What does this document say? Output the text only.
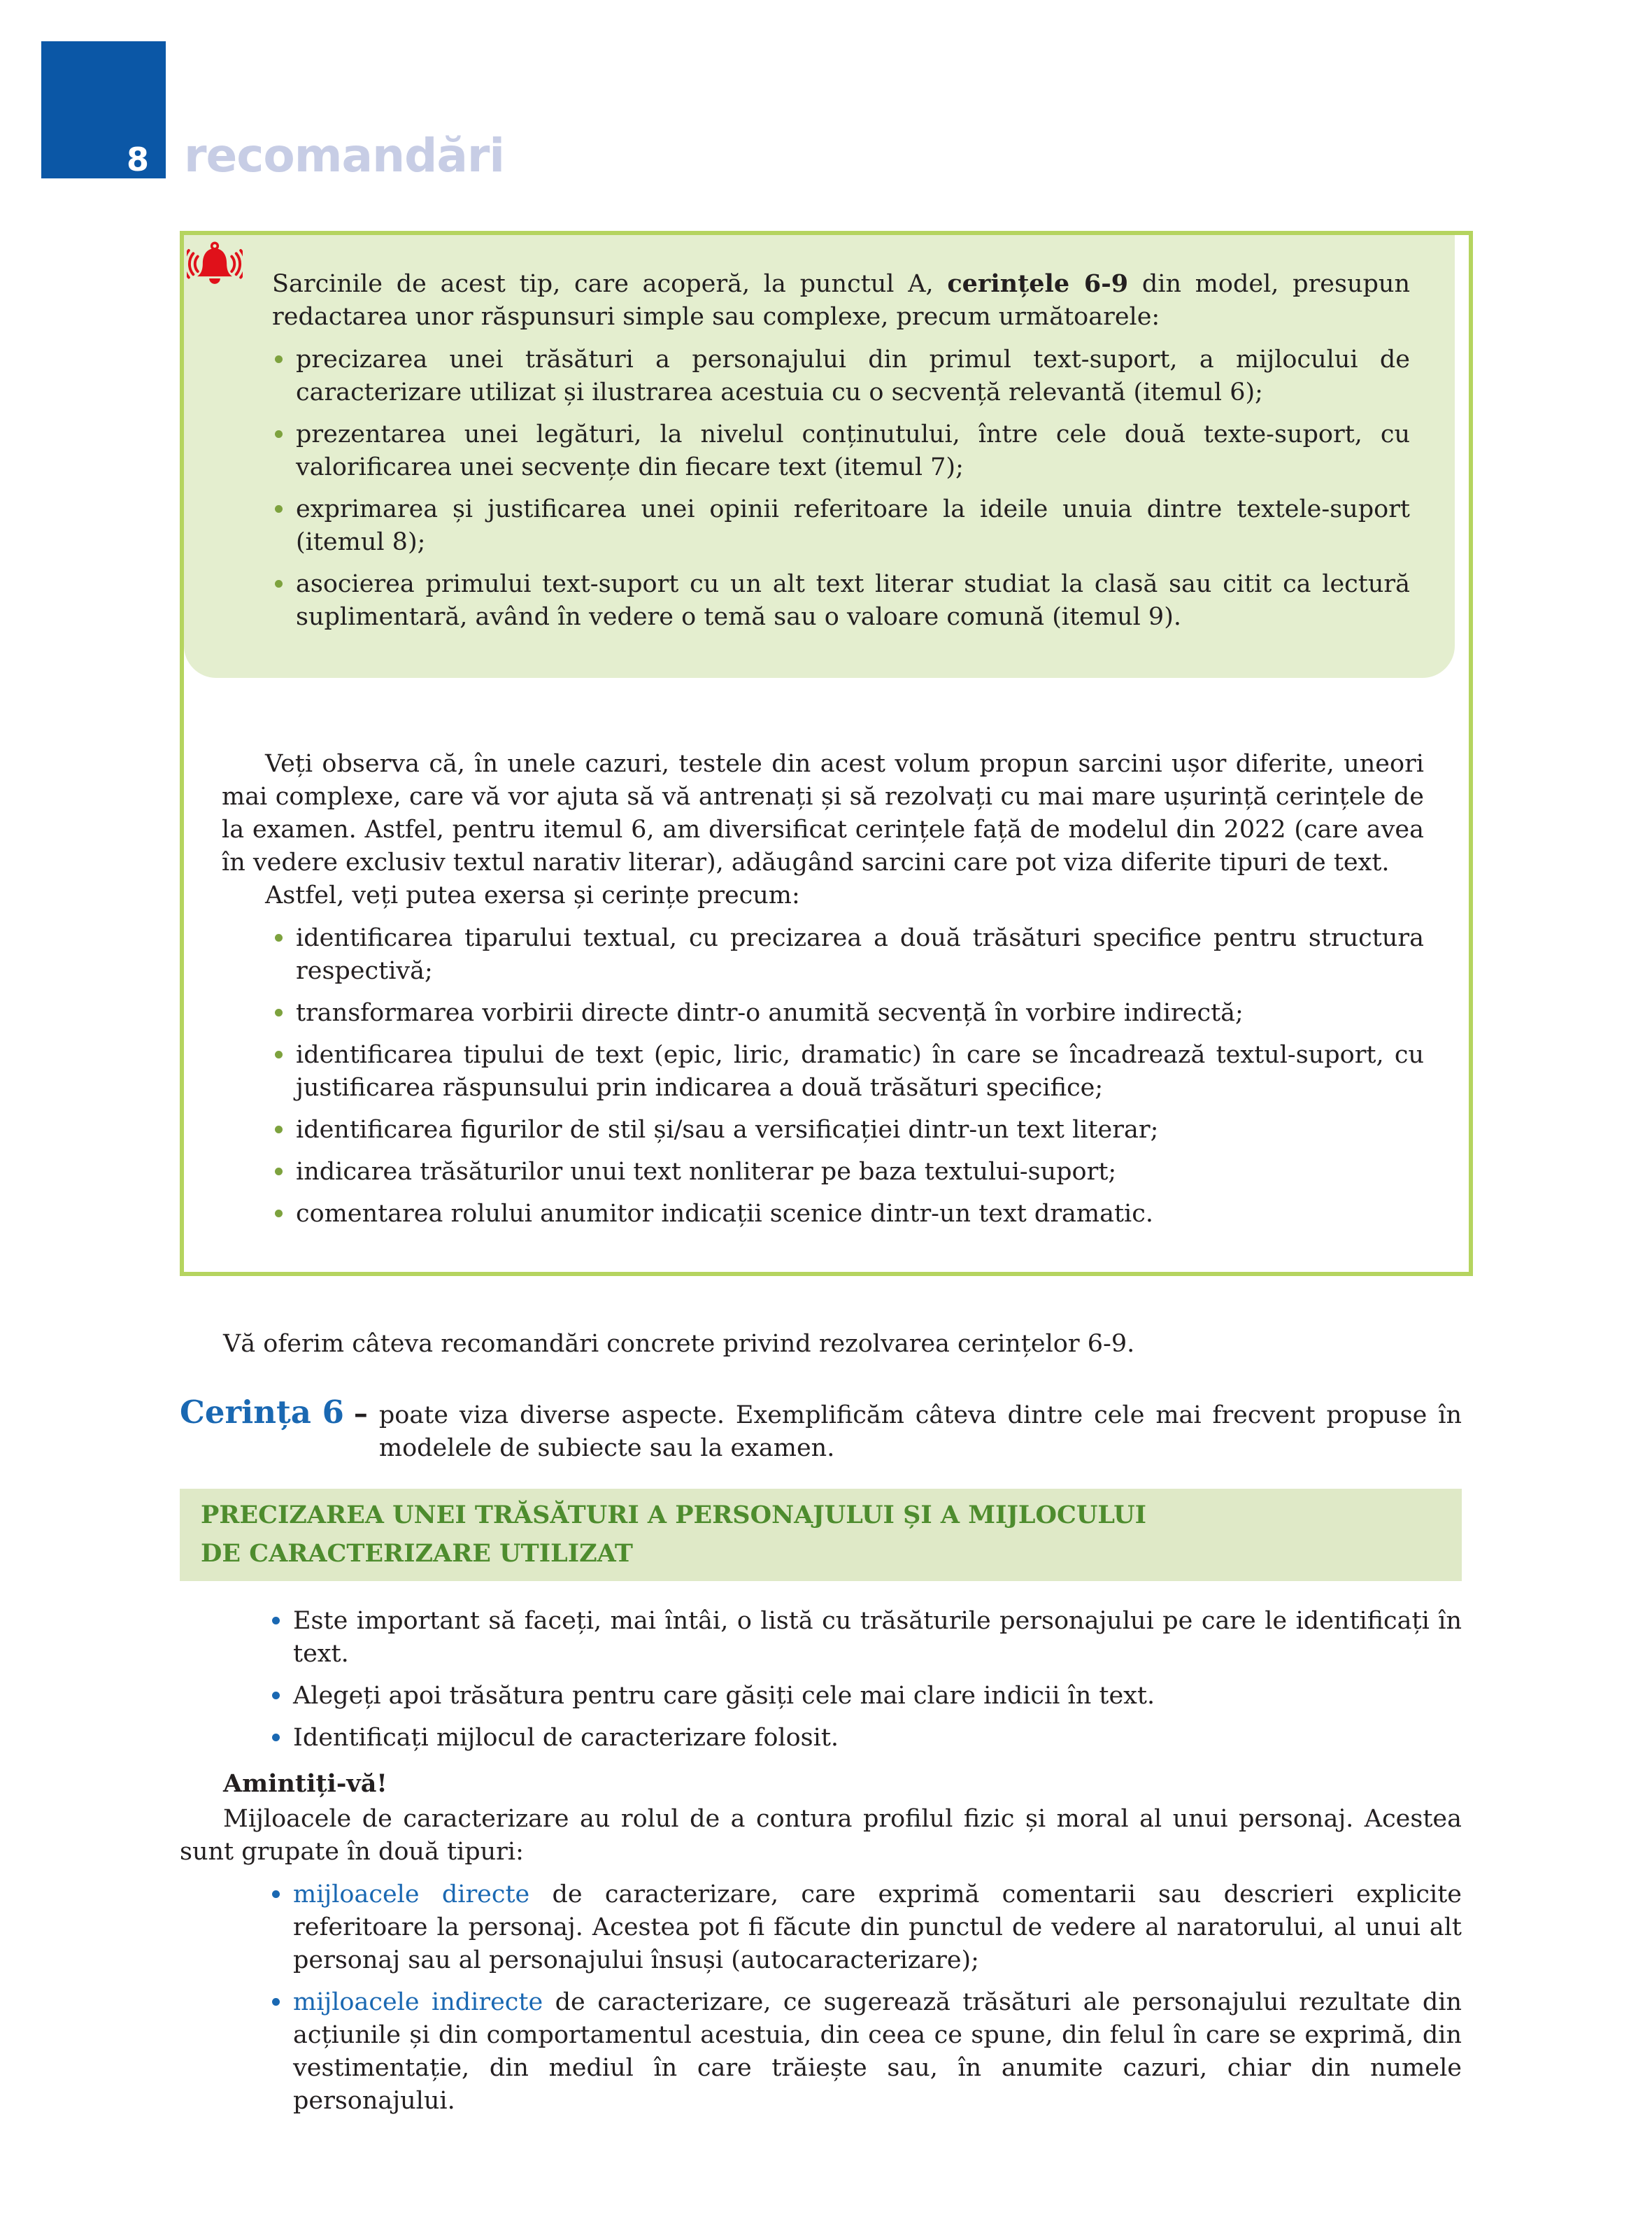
8 recomandări

Sarcinile de acest tip, care acoperă, la punctul A, cerințele 6-9 din model, presupun redactarea unor răspunsuri simple sau complexe, precum următoarele:

precizarea unei trăsături a personajului din primul text-suport, a mijlocului de caracterizare utilizat și ilustrarea acestuia cu o secvență relevantă (itemul 6);
prezentarea unei legături, la nivelul conținutului, între cele două texte-suport, cu valorificarea unei secvențe din fiecare text (itemul 7);
exprimarea și justificarea unei opinii referitoare la ideile unuia dintre textele-suport (itemul 8);
asocierea primului text-suport cu un alt text literar studiat la clasă sau citit ca lectură suplimentară, având în vedere o temă sau o valoare comună (itemul 9).

Veți observa că, în unele cazuri, testele din acest volum propun sarcini ușor diferite, uneori mai complexe, care vă vor ajuta să vă antrenați și să rezolvați cu mai mare ușurință cerințele de la examen. Astfel, pentru itemul 6, am diversificat cerințele față de modelul din 2022 (care avea în vedere exclusiv textul narativ literar), adăugând sarcini care pot viza diferite tipuri de text.

Astfel, veți putea exersa și cerințe precum:

identificarea tiparului textual, cu precizarea a două trăsături specifice pentru structura respectivă;
transformarea vorbirii directe dintr-o anumită secvență în vorbire indirectă;
identificarea tipului de text (epic, liric, dramatic) în care se încadrează textul-suport, cu justificarea răspunsului prin indicarea a două trăsături specifice;
identificarea figurilor de stil și/sau a versificației dintr-un text literar;
indicarea trăsăturilor unui text nonliterar pe baza textului-suport;
comentarea rolului anumitor indicații scenice dintr-un text dramatic.

Vă oferim câteva recomandări concrete privind rezolvarea cerințelor 6-9.

Cerința 6 – poate viza diverse aspecte. Exemplificăm câteva dintre cele mai frecvent propuse în modelele de subiecte sau la examen.

PRECIZAREA UNEI TRĂSĂTURI A PERSONAJULUI ȘI A MIJLOCULUI
DE CARACTERIZARE UTILIZAT
Este important să faceți, mai întâi, o listă cu trăsăturile personajului pe care le identificați în text.
Alegeți apoi trăsătura pentru care găsiți cele mai clare indicii în text.
Identificați mijlocul de caracterizare folosit.

Amintiți-vă!

Mijloacele de caracterizare au rolul de a contura profilul fizic și moral al unui personaj. Acestea sunt grupate în două tipuri:

mijloacele directe de caracterizare, care exprimă comentarii sau descrieri explicite referitoare la personaj. Acestea pot fi făcute din punctul de vedere al naratorului, al unui alt personaj sau al personajului însuși (autocaracterizare);
mijloacele indirecte de caracterizare, ce sugerează trăsături ale personajului rezultate din acțiunile și din comportamentul acestuia, din ceea ce spune, din felul în care se exprimă, din vestimentație, din mediul în care trăiește sau, în anumite cazuri, chiar din numele personajului.
